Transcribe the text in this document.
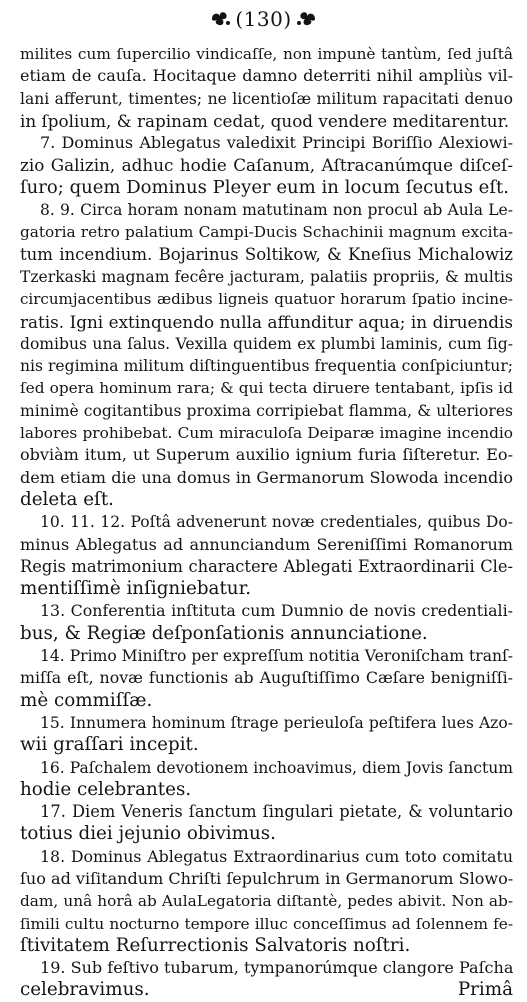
(130)
milites cum ſupercilio vindicaſſe, non impunè tantùm, ſed juſtâ
etiam de cauſa. Hocitaque damno deterriti nihil ampliùs vil-
lani afferunt, timentes; ne licentioſæ militum rapacitati denuo
in ſpolium, & rapinam cedat, quod vendere meditarentur.
7. Dominus Ablegatus valedixit Principi Boriſſio Alexiowi-
zio Galizin, adhuc hodie Caſanum, Aſtracanúmque diſceſ-
ſuro; quem Dominus Pleyer eum in locum ſecutus eſt.
8. 9. Circa horam nonam matutinam non procul ab Aula Le-
gatoria retro palatium Campi-Ducis Schachinii magnum excita-
tum incendium. Bojarinus Soltikow, & Kneſius Michalowiz
Tzerkaski magnam fecêre jacturam, palatiis propriis, & multis
circumjacentibus ædibus ligneis quatuor horarum ſpatio incine-
ratis. Igni extinquendo nulla affunditur aqua; in diruendis
domibus una ſalus. Vexilla quidem ex plumbi laminis, cum ſig-
nis regimina militum diſtinguentibus frequentia conſpiciuntur;
ſed opera hominum rara; & qui tecta diruere tentabant, ipſis id
minimè cogitantibus proxima corripiebat flamma, & ulteriores
labores prohibebat. Cum miraculoſa Deiparæ imagine incendio
obviàm itum, ut Superum auxilio ignium furia ſiſteretur. Eo-
dem etiam die una domus in Germanorum Slowoda incendio
deleta eſt.
10. 11. 12. Poſtâ advenerunt novæ credentiales, quibus Do-
minus Ablegatus ad annunciandum Sereniſſimi Romanorum
Regis matrimonium charactere Ablegati Extraordinarii Cle-
mentiſſimè inſigniebatur.
13. Conferentia inſtituta cum Dumnio de novis credentiali-
bus, & Regiæ deſponſationis annunciatione.
14. Primo Miniſtro per expreſſum notitia Veroniſcham tranſ-
miſſa eſt, novæ functionis ab Auguſtiſſimo Cæſare benigniſſi-
mè commiſſæ.
15. Innumera hominum ſtrage perieuloſa peſtifera lues Azo-
wii graſſari incepit.
16. Paſchalem devotionem inchoavimus, diem Jovis ſanctum
hodie celebrantes.
17. Diem Veneris ſanctum ſingulari pietate, & voluntario
totius diei jejunio obivimus.
18. Dominus Ablegatus Extraordinarius cum toto comitatu
ſuo ad viſitandum Chriſti ſepulchrum in Germanorum Slowo-
dam, unâ horâ ab AulaLegatoria diſtantè, pedes abivit. Non ab-
ſimili cultu nocturno tempore illuc conceſſimus ad ſolennem fe-
ſtivitatem Reſurrectionis Salvatoris noſtri.
19. Sub feſtivo tubarum, tympanorúmque clangore Paſcha
celebravimus.	Primâ
